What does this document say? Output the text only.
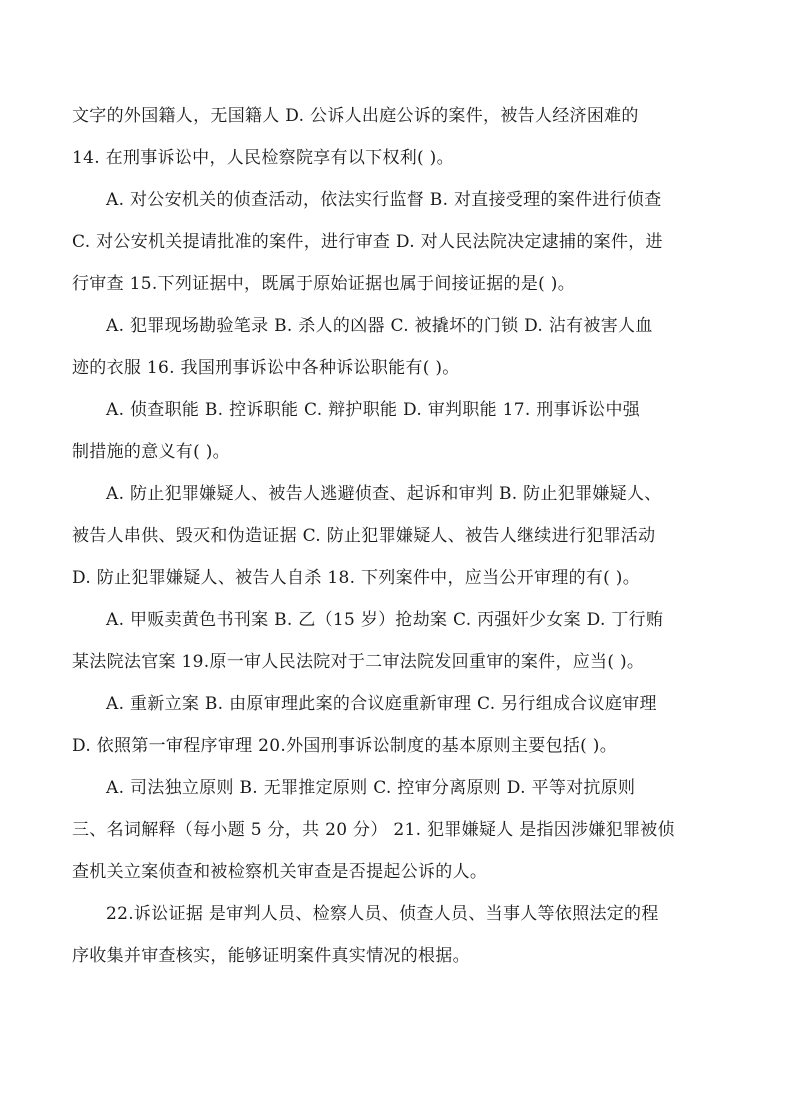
文字的外国籍人，无国籍人 D. 公诉人出庭公诉的案件，被告人经济困难的
14. 在刑事诉讼中，人民检察院享有以下权利( )。
A. 对公安机关的侦查活动，依法实行监督 B. 对直接受理的案件进行侦查
C. 对公安机关提请批准的案件，进行审查 D. 对人民法院决定逮捕的案件，进
行审查 15.下列证据中，既属于原始证据也属于间接证据的是( )。
A. 犯罪现场勘验笔录 B. 杀人的凶器 C. 被撬坏的门锁 D. 沾有被害人血
迹的衣服 16. 我国刑事诉讼中各种诉讼职能有( )。
A. 侦查职能 B. 控诉职能 C. 辩护职能 D. 审判职能 17. 刑事诉讼中强
制措施的意义有( )。
A. 防止犯罪嫌疑人、被告人逃避侦查、起诉和审判 B. 防止犯罪嫌疑人、
被告人串供、毁灭和伪造证据 C. 防止犯罪嫌疑人、被告人继续进行犯罪活动
D. 防止犯罪嫌疑人、被告人自杀 18. 下列案件中，应当公开审理的有( )。
A. 甲贩卖黄色书刊案 B. 乙（15 岁）抢劫案 C. 丙强奸少女案 D. 丁行贿
某法院法官案 19.原一审人民法院对于二审法院发回重审的案件，应当( )。
A. 重新立案 B. 由原审理此案的合议庭重新审理 C. 另行组成合议庭审理
D. 依照第一审程序审理 20.外国刑事诉讼制度的基本原则主要包括( )。
A. 司法独立原则 B. 无罪推定原则 C. 控审分离原则 D. 平等对抗原则
三、名词解释（每小题 5 分，共 20 分） 21. 犯罪嫌疑人 是指因涉嫌犯罪被侦
查机关立案侦查和被检察机关审查是否提起公诉的人。
22.诉讼证据 是审判人员、检察人员、侦查人员、当事人等依照法定的程
序收集并审查核实，能够证明案件真实情况的根据。
